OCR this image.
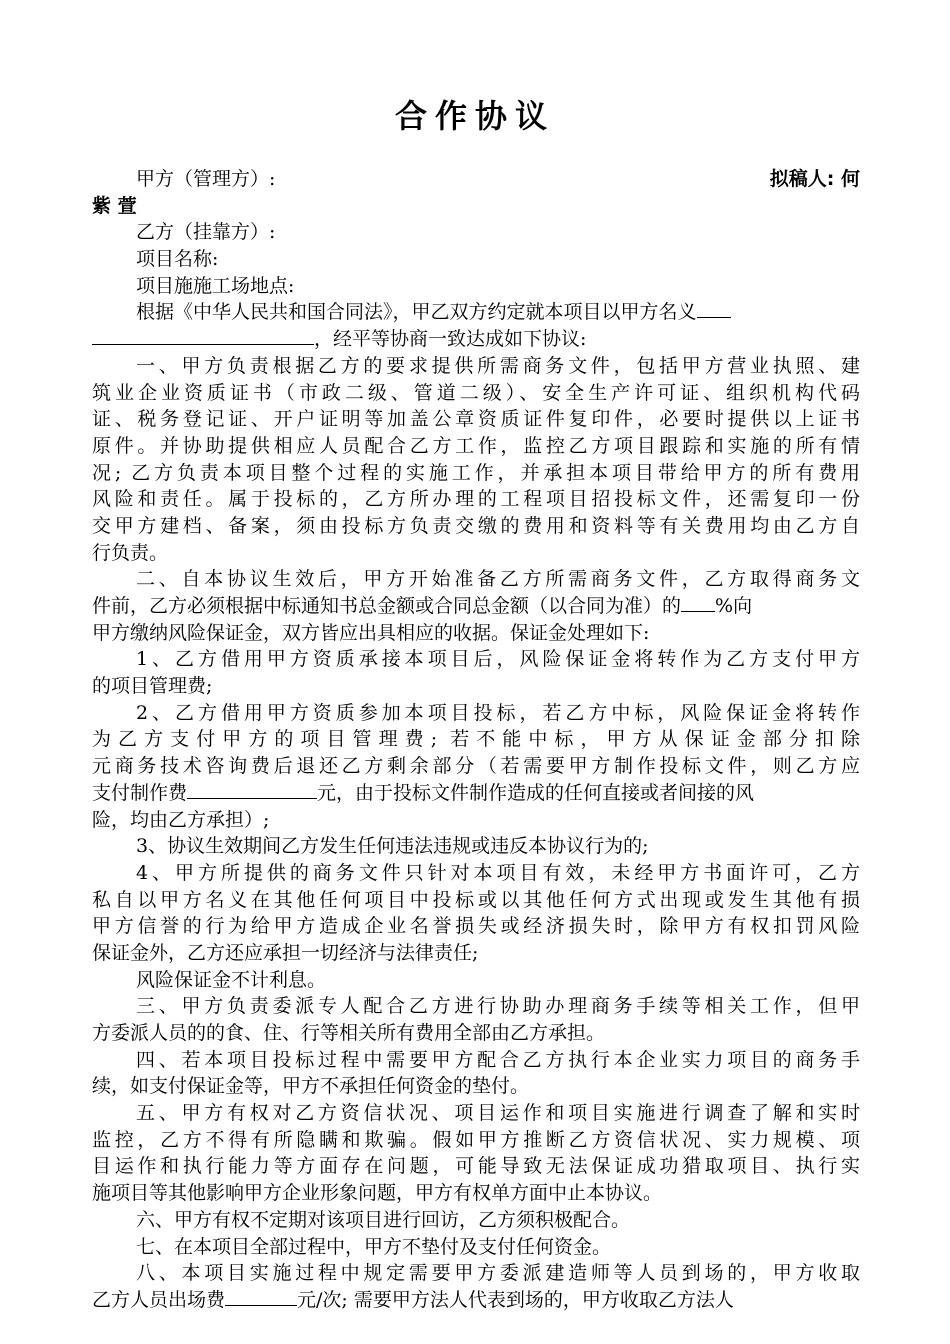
合作协议
甲方（管理方）:	拟稿人: 何
紫 萱
乙方（挂靠方）:
项目名称:
项目施施工场地点:
根据《中华人民共和国合同法》，甲乙双方约定就本项目以甲方名义
，经平等协商一致达成如下协议:
一、甲方负责根据乙方的要求提供所需商务文件，包括甲方营业执照、建
筑业企业资质证书（市政二级、管道二级）、安全生产许可证、组织机构代码
证、税务登记证、开户证明等加盖公章资质证件复印件，必要时提供以上证书
原件。并协助提供相应人员配合乙方工作，监控乙方项目跟踪和实施的所有情
况; 乙方负责本项目整个过程的实施工作，并承担本项目带给甲方的所有费用
风险和责任。属于投标的，乙方所办理的工程项目招投标文件，还需复印一份
交甲方建档、备案，须由投标方负责交缴的费用和资料等有关费用均由乙方自
行负责。
二、自本协议生效后，甲方开始准备乙方所需商务文件，乙方取得商务文
件前，乙方必须根据中标通知书总金额或合同总金额（以合同为准）的 %向
甲方缴纳风险保证金，双方皆应出具相应的收据。保证金处理如下:
1、乙方借用甲方资质承接本项目后，风险保证金将转作为乙方支付甲方
的项目管理费;
2、乙方借用甲方资质参加本项目投标，若乙方中标，风险保证金将转作
为乙方支付甲方的项目管理费; 若不能中标，甲方从保证金部分扣除
元商务技术咨询费后退还乙方剩余部分（若需要甲方制作投标文件，则乙方应
支付制作费	元，由于投标文件制作造成的任何直接或者间接的风
险，均由乙方承担）;
3、协议生效期间乙方发生任何违法违规或违反本协议行为的;
4、甲方所提供的商务文件只针对本项目有效，未经甲方书面许可，乙方
私自以甲方名义在其他任何项目中投标或以其他任何方式出现或发生其他有损
甲方信誉的行为给甲方造成企业名誉损失或经济损失时，除甲方有权扣罚风险
保证金外，乙方还应承担一切经济与法律责任;
风险保证金不计利息。
三、甲方负责委派专人配合乙方进行协助办理商务手续等相关工作，但甲
方委派人员的的食、住、行等相关所有费用全部由乙方承担。
四、若本项目投标过程中需要甲方配合乙方执行本企业实力项目的商务手
续，如支付保证金等，甲方不承担任何资金的垫付。
五、甲方有权对乙方资信状况、项目运作和项目实施进行调查了解和实时
监控，乙方不得有所隐瞒和欺骗。假如甲方推断乙方资信状况、实力规模、项
目运作和执行能力等方面存在问题，可能导致无法保证成功猎取项目、执行实
施项目等其他影响甲方企业形象问题，甲方有权单方面中止本协议。
六、甲方有权不定期对该项目进行回访，乙方须积极配合。
七、在本项目全部过程中，甲方不垫付及支付任何资金。
八、本项目实施过程中规定需要甲方委派建造师等人员到场的，甲方收取
乙方人员出场费	元/次; 需要甲方法人代表到场的，甲方收取乙方法人
